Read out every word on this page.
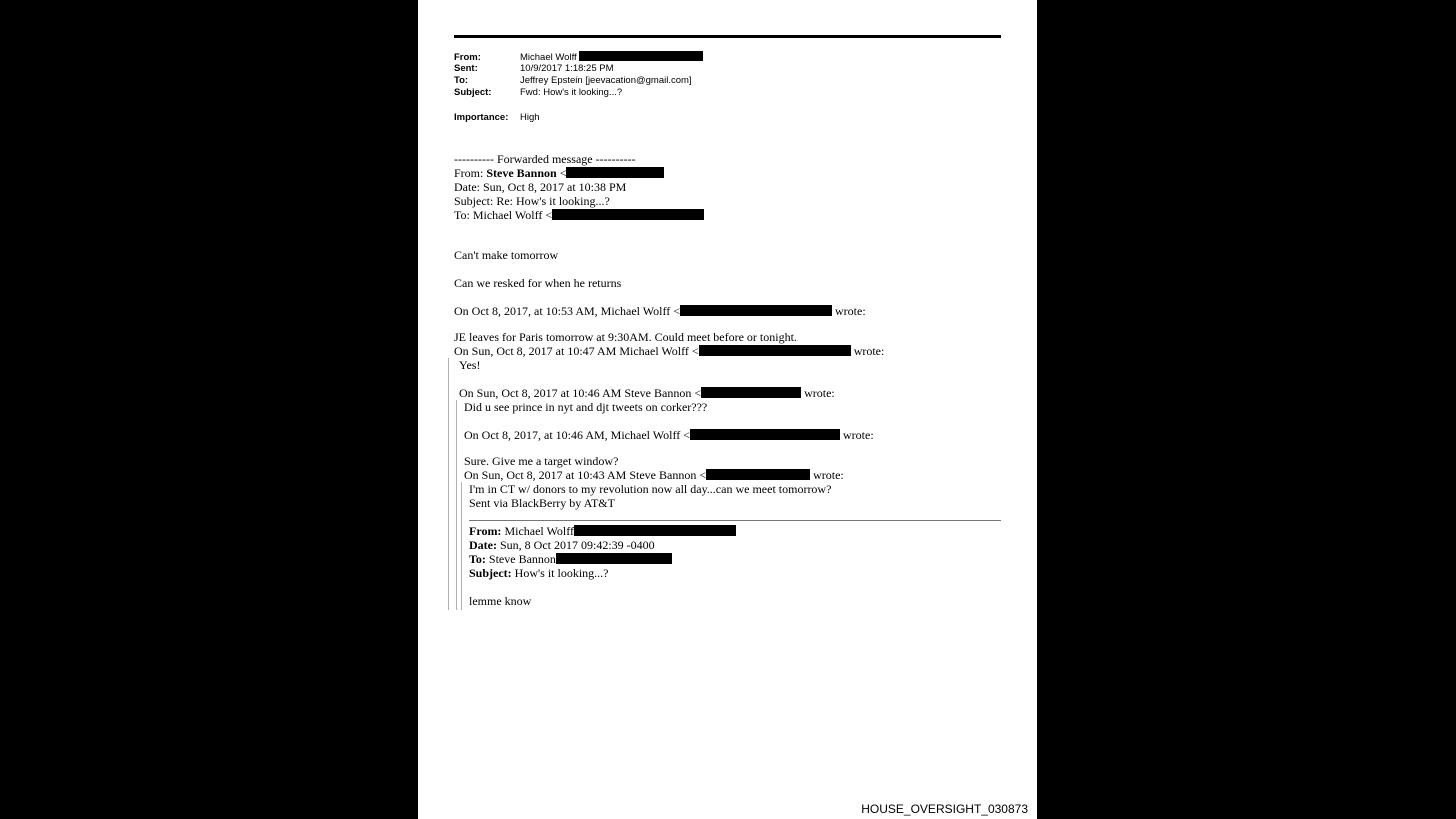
From:	Michael Wolff
Sent:	10/9/2017 1:18:25 PM
To:	Jeffrey Epstein [jeevacation@gmail.com]
Subject:	Fwd: How's it looking...?
Importance: High
---------- Forwarded message ----------
From: Steve Bannon <
Date: Sun, Oct 8, 2017 at 10:38 PM
Subject: Re: How's it looking...?
To: Michael Wolff <
Can't make tomorrow
Can we resked for when he returns
On Oct 8, 2017, at 10:53 AM, Michael Wolff <	wrote:
JE leaves for Paris tomorrow at 9:30AM. Could meet before or tonight.
On Sun, Oct 8, 2017 at 10:47 AM Michael Wolff <	wrote:
Yes!
On Sun, Oct 8, 2017 at 10:46 AM Steve Bannon <	wrote:
Did u see prince in nyt and djt tweets on corker???
On Oct 8, 2017, at 10:46 AM, Michael Wolff <	wrote:
Sure. Give me a target window?
On Sun, Oct 8, 2017 at 10:43 AM Steve Bannon <	wrote:
I'm in CT w/ donors to my revolution now all day...can we meet tomorrow?
Sent via BlackBerry by AT&T
From: Michael Wolff
Date: Sun, 8 Oct 2017 09:42:39 -0400
To: Steve Bannon
Subject: How's it looking...?
lemme know
HOUSE_OVERSIGHT_030873
